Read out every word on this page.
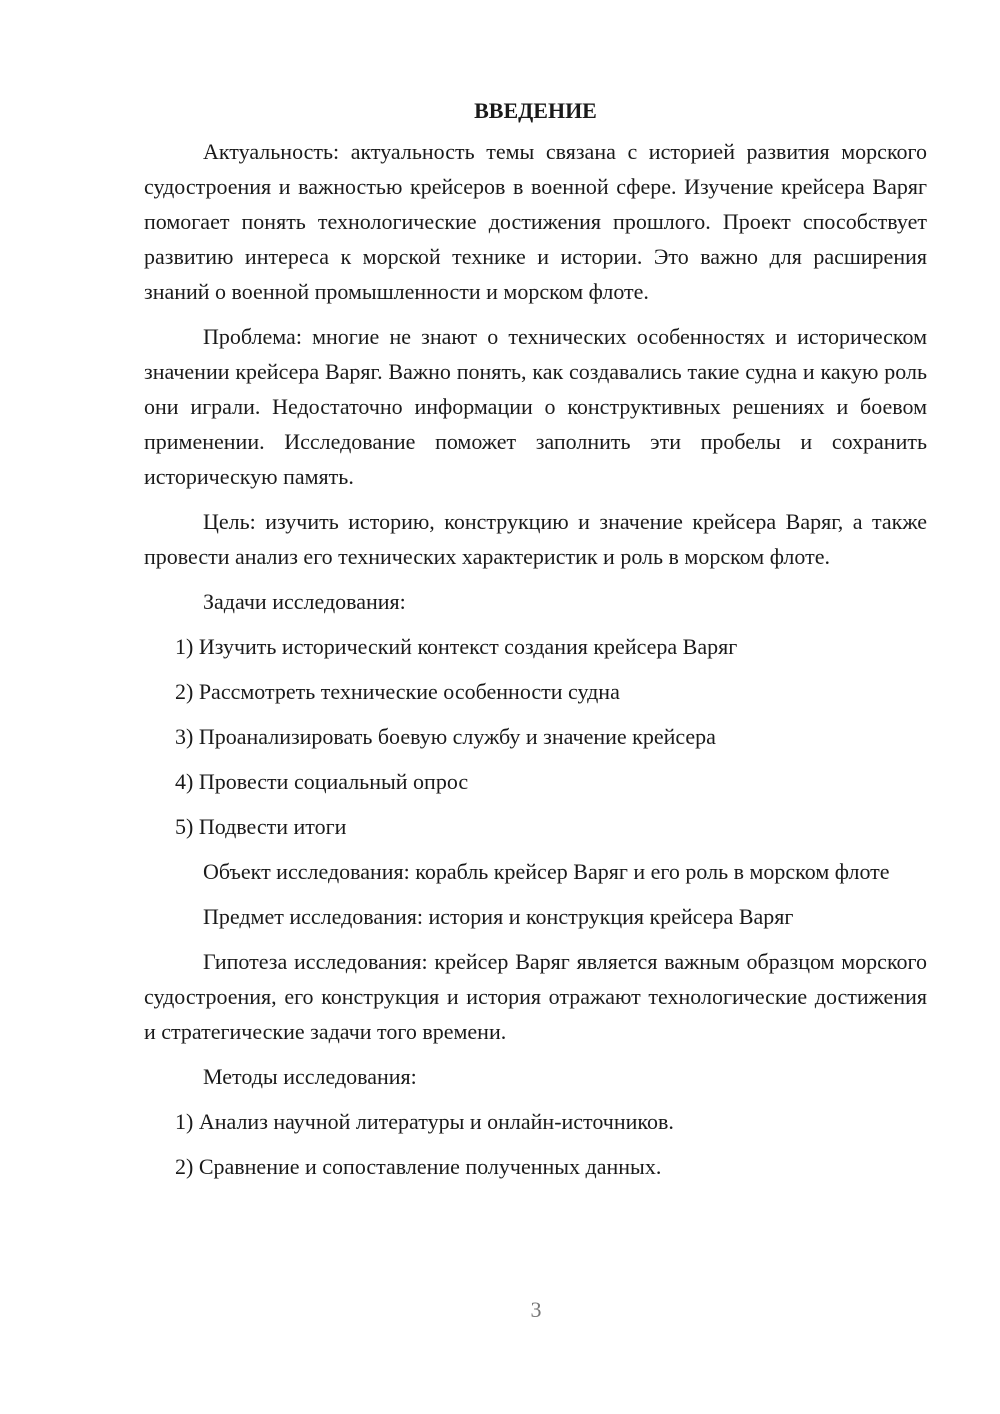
ВВЕДЕНИЕ

Актуальность: актуальность темы связана с историей развития морского судостроения и важностью крейсеров в военной сфере. Изучение крейсера Варяг помогает понять технологические достижения прошлого. Проект способствует развитию интереса к морской технике и истории. Это важно для расширения знаний о военной промышленности и морском флоте.

Проблема: многие не знают о технических особенностях и историческом значении крейсера Варяг. Важно понять, как создавались такие судна и какую роль они играли. Недостаточно информации о конструктивных решениях и боевом применении. Исследование поможет заполнить эти пробелы и сохранить историческую память.

Цель: изучить историю, конструкцию и значение крейсера Варяг, а также провести анализ его технических характеристик и роль в морском флоте.

Задачи исследования:

1) Изучить исторический контекст создания крейсера Варяг

2) Рассмотреть технические особенности судна

3) Проанализировать боевую службу и значение крейсера

4) Провести социальный опрос

5) Подвести итоги

Объект исследования: корабль крейсер Варяг и его роль в морском флоте

Предмет исследования: история и конструкция крейсера Варяг

Гипотеза исследования: крейсер Варяг является важным образцом морского судостроения, его конструкция и история отражают технологические достижения и стратегические задачи того времени.

Методы исследования:

1) Анализ научной литературы и онлайн-источников.

2) Сравнение и сопоставление полученных данных.

3
